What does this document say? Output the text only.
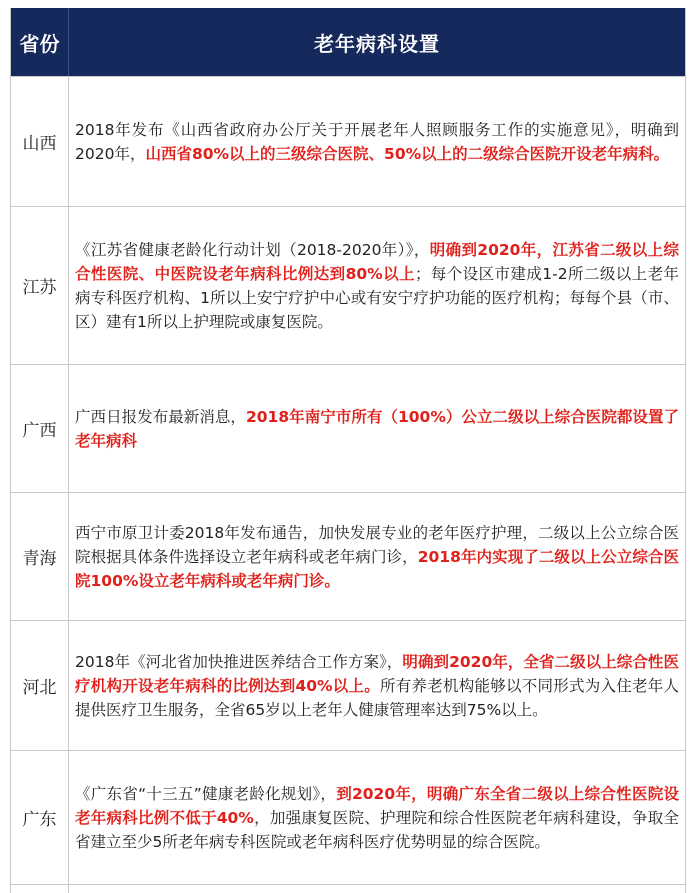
省份	老年病科设置
山西

2018年发布《山西省政府办公厅关于开展老年人照顾服务工作的实施意见》，明确到2020年，山西省80%以上的三级综合医院、50%以上的二级综合医院开设老年病科。

江苏

《江苏省健康老龄化行动计划（2018-2020年）》，明确到2020年，江苏省二级以上综合性医院、中医院设老年病科比例达到80%以上；每个设区市建成1-2所二级以上老年病专科医疗机构、1所以上安宁疗护中心或有安宁疗护功能的医疗机构；每每个县（市、区）建有1所以上护理院或康复医院。

广西

广西日报发布最新消息，2018年南宁市所有（100%）公立二级以上综合医院都设置了老年病科

青海

西宁市原卫计委2018年发布通告，加快发展专业的老年医疗护理，二级以上公立综合医院根据具体条件选择设立老年病科或老年病门诊，2018年内实现了二级以上公立综合医院100%设立老年病科或老年病门诊。

河北

2018年《河北省加快推进医养结合工作方案》，明确到2020年，全省二级以上综合性医疗机构开设老年病科的比例达到40%以上。所有养老机构能够以不同形式为入住老年人提供医疗卫生服务，全省65岁以上老年人健康管理率达到75%以上。

广东

《广东省“十三五”健康老龄化规划》，到2020年，明确广东全省二级以上综合性医院设老年病科比例不低于40%，加强康复医院、护理院和综合性医院老年病科建设，争取全省建立至少5所老年病专科医院或老年病科医疗优势明显的综合医院。
